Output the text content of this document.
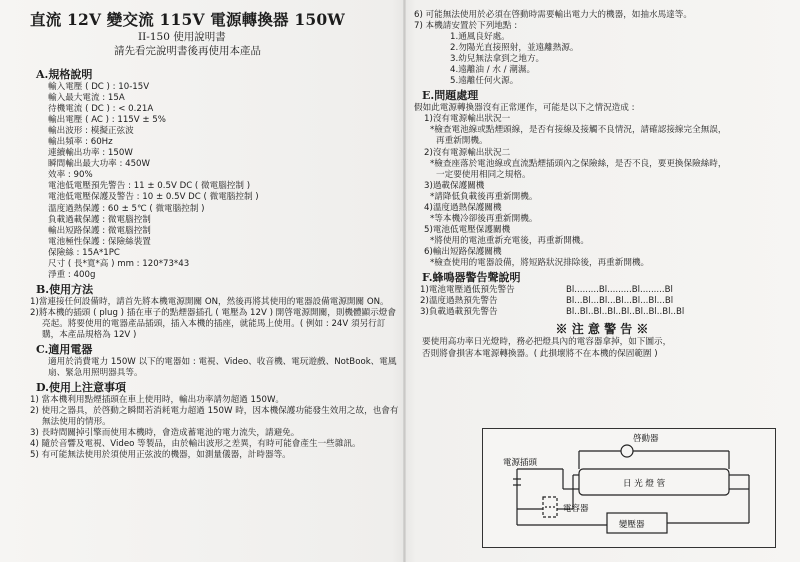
直流 12V 變交流 115V 電源轉換器 150W
II-150 使用說明書
請先看完說明書後再使用本產品
A.規格說明
輸入電壓 ( DC ) : 10-15V
輸入最大電流 : 15A
待機電流 ( DC ) : < 0.21A
輸出電壓 ( AC ) : 115V ± 5%
輸出波形 : 模擬正弦波
輸出頻率 : 60Hz
連續輸出功率 : 150W
瞬間輸出最大功率 : 450W
效率 : 90%
電池低電壓預先警告 : 11 ± 0.5V DC ( 微電腦控制 )
電池低電壓保護及警告 : 10 ± 0.5V DC ( 微電腦控制 )
溫度過熱保護 : 60 ± 5℃ ( 微電腦控制 )
負載過載保護 : 微電腦控制
輸出短路保護 : 微電腦控制
電池極性保護 : 保險絲裝置
保險絲 : 15A*1PC
尺寸 ( 長*寬*高 ) mm : 120*73*43
淨重 : 400g
B.使用方法
1)當連接任何設備時，請首先將本機電源開關 ON，然後再將其使用的電器設備電源開關 ON。
2)將本機的插頭 ( plug ) 插在車子的點煙器插孔 ( 電壓為 12V ) 開啓電源開關，則機體顯示燈會亮起。將要使用的電器產品插頭，插入本機的插座，就能馬上使用。( 例如 : 24V 須另行訂購，本產品規格為 12V )
C.適用電器
適用於消費電力 150W 以下的電器如 : 電視、Video、收音機、電玩遊戲、NotBook、電風扇、緊急用照明器具等。
D.使用上注意事項
1) 當本機利用點煙插頭在車上使用時，輸出功率請勿超過 150W。
2) 使用之器具，於啓動之瞬間若消耗電力超過 150W 時，因本機保護功能發生效用之故，也會有無法使用的情形。
3) 長時間關掉引擎而使用本機時，會造成蓄電池的電力流失，請避免。
4) 隨於音響及電視、Video 等製品，由於輸出波形之差異，有時可能會產生一些雜訊。
5) 有可能無法使用於須使用正弦波的機器，如測量儀器，計時器等。
6) 可能無法使用於必須在啓動時需要輸出電力大的機器，如抽水馬達等。
7) 本機請安置於下列地點 :
1.通風良好處。
2.勿陽光直接照射，並遠離熱源。
3.幼兒無法拿到之地方。
4.遠離油 / 水 / 潮濕。
5.遠離任何火源。
E.問題處理
假如此電源轉換器沒有正常運作，可能是以下之情況造成 :
1)沒有電源輸出狀況一
*檢查電池線或點煙頭線，是否有接線及接觸不良情況，請確認接線完全無誤，
再重新開機。
2)沒有電源輸出狀況二
*檢查座落於電池線或直流點煙插頭內之保險絲，是否不良，要更換保險絲時，
一定要使用相同之規格。
3)過載保護關機
*請降低負載後再重新開機。
4)溫度過熱保護關機
*等本機冷卻後再重新開機。
5)電池低電壓保護關機
*將使用的電池重新充電後，再重新開機。
6)輸出短路保護關機
*檢查使用的電器設備，將短路狀況排除後，再重新開機。
F.蜂鳴器警告聲說明
1)電池電壓過低預先警告	Bl.........Bl.........Bl.........Bl
2)溫度過熱預先警告	Bl...Bl...Bl...Bl...Bl...Bl...Bl
3)負載過載預先警告	Bl..Bl..Bl..Bl..Bl..Bl..Bl..Bl..Bl
※ 注 意 警 告 ※
要使用高功率日光燈時，務必把燈具內的電容器拿掉，如下圖示，
否則將會損害本電源轉換器。( 此損壞將不在本機的保固範圍 )
啓動器
電源插頭
日 光 燈 管
電容器
變壓器
